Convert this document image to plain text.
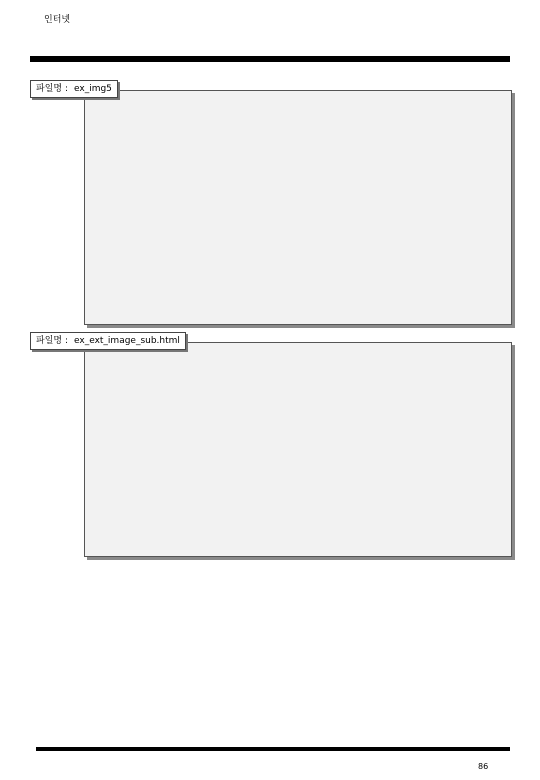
인터넷
파일명 : ex_img5
파일명 : ex_ext_image_sub.html
86
